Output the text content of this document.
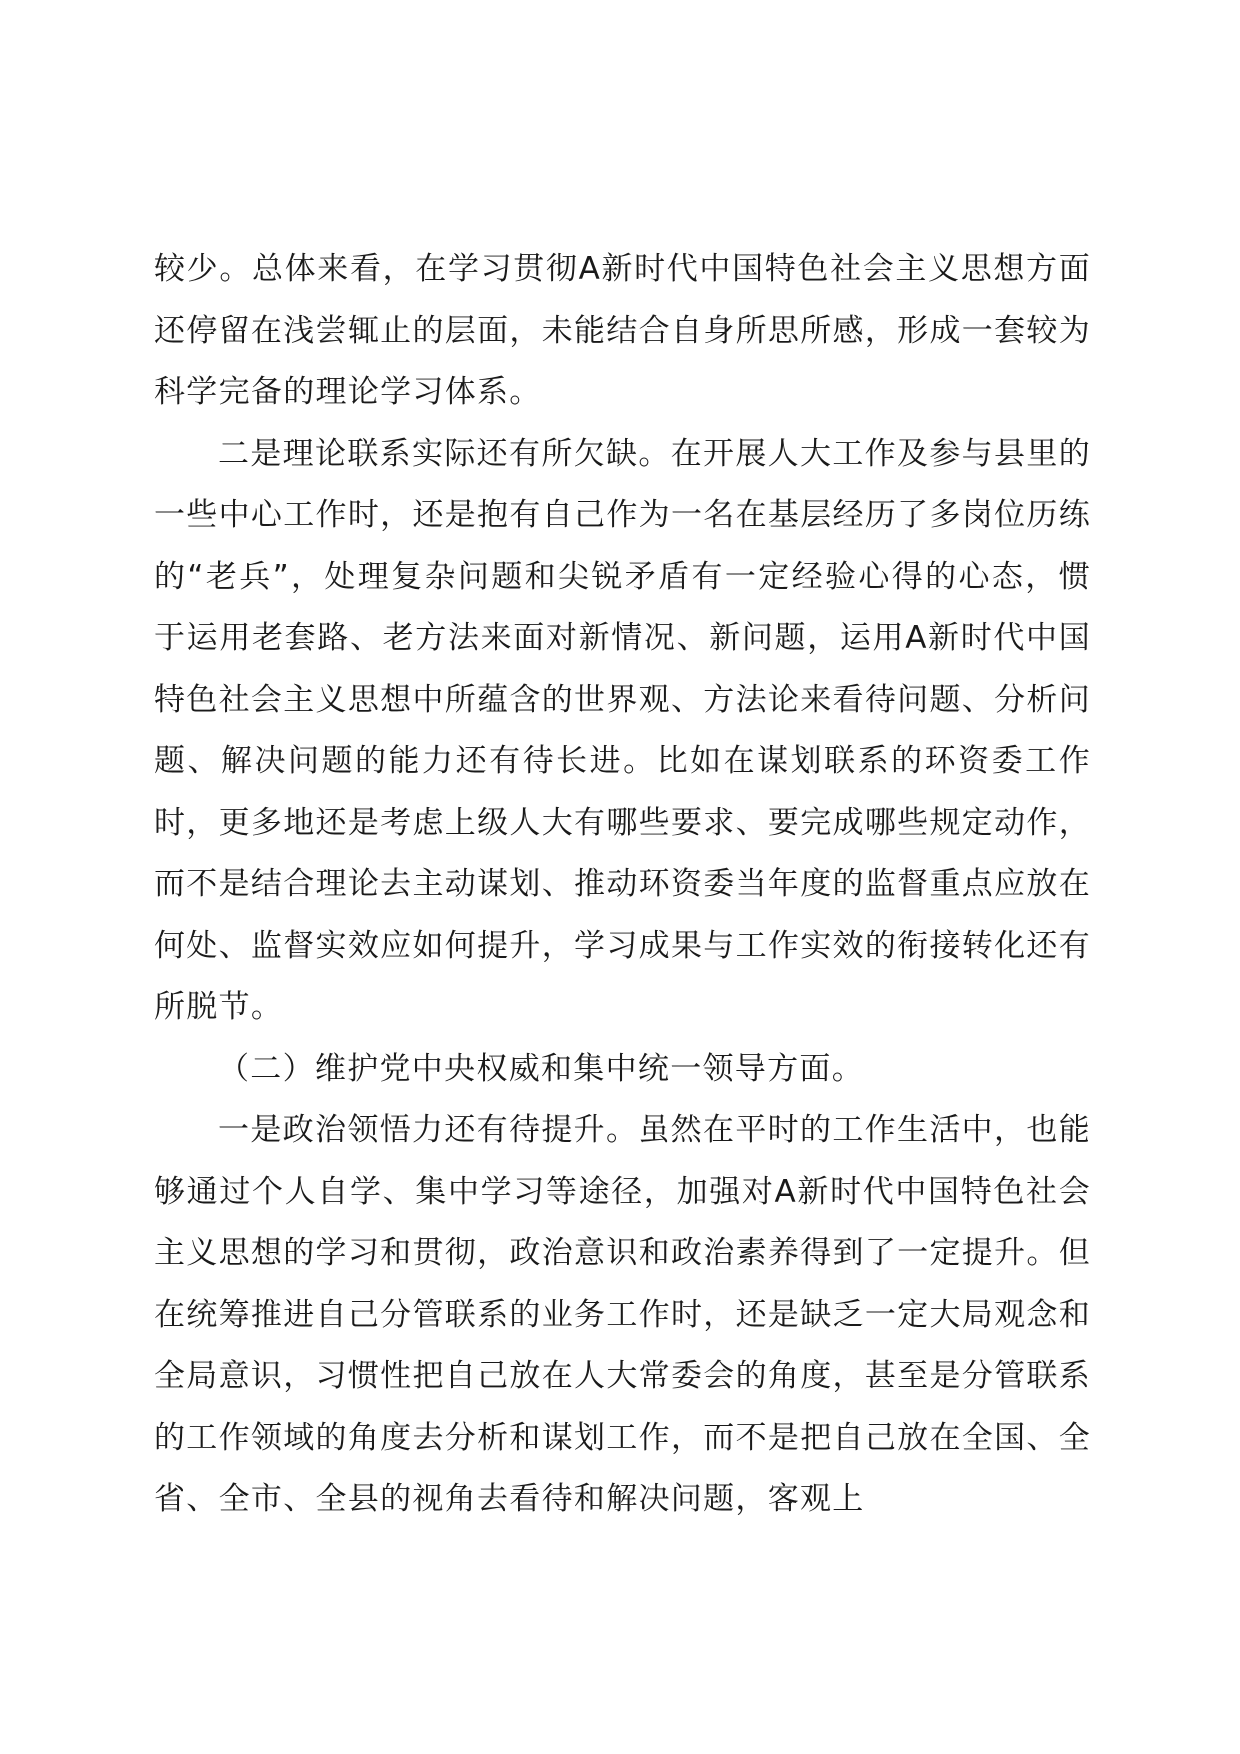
较少。总体来看，在学习贯彻A新时代中国特色社会主义思想方面还停留在浅尝辄止的层面，未能结合自身所思所感，形成一套较为科学完备的理论学习体系。

二是理论联系实际还有所欠缺。在开展人大工作及参与县里的一些中心工作时，还是抱有自己作为一名在基层经历了多岗位历练的“老兵”，处理复杂问题和尖锐矛盾有一定经验心得的心态，惯于运用老套路、老方法来面对新情况、新问题，运用A新时代中国特色社会主义思想中所蕴含的世界观、方法论来看待问题、分析问题、解决问题的能力还有待长进。比如在谋划联系的环资委工作时，更多地还是考虑上级人大有哪些要求、要完成哪些规定动作，而不是结合理论去主动谋划、推动环资委当年度的监督重点应放在何处、监督实效应如何提升，学习成果与工作实效的衔接转化还有所脱节。

（二）维护党中央权威和集中统一领导方面。

一是政治领悟力还有待提升。虽然在平时的工作生活中，也能够通过个人自学、集中学习等途径，加强对A新时代中国特色社会主义思想的学习和贯彻，政治意识和政治素养得到了一定提升。但在统筹推进自己分管联系的业务工作时，还是缺乏一定大局观念和全局意识，习惯性把自己放在人大常委会的角度，甚至是分管联系的工作领域的角度去分析和谋划工作，而不是把自己放在全国、全省、全市、全县的视角去看待和解决问题，客观上
